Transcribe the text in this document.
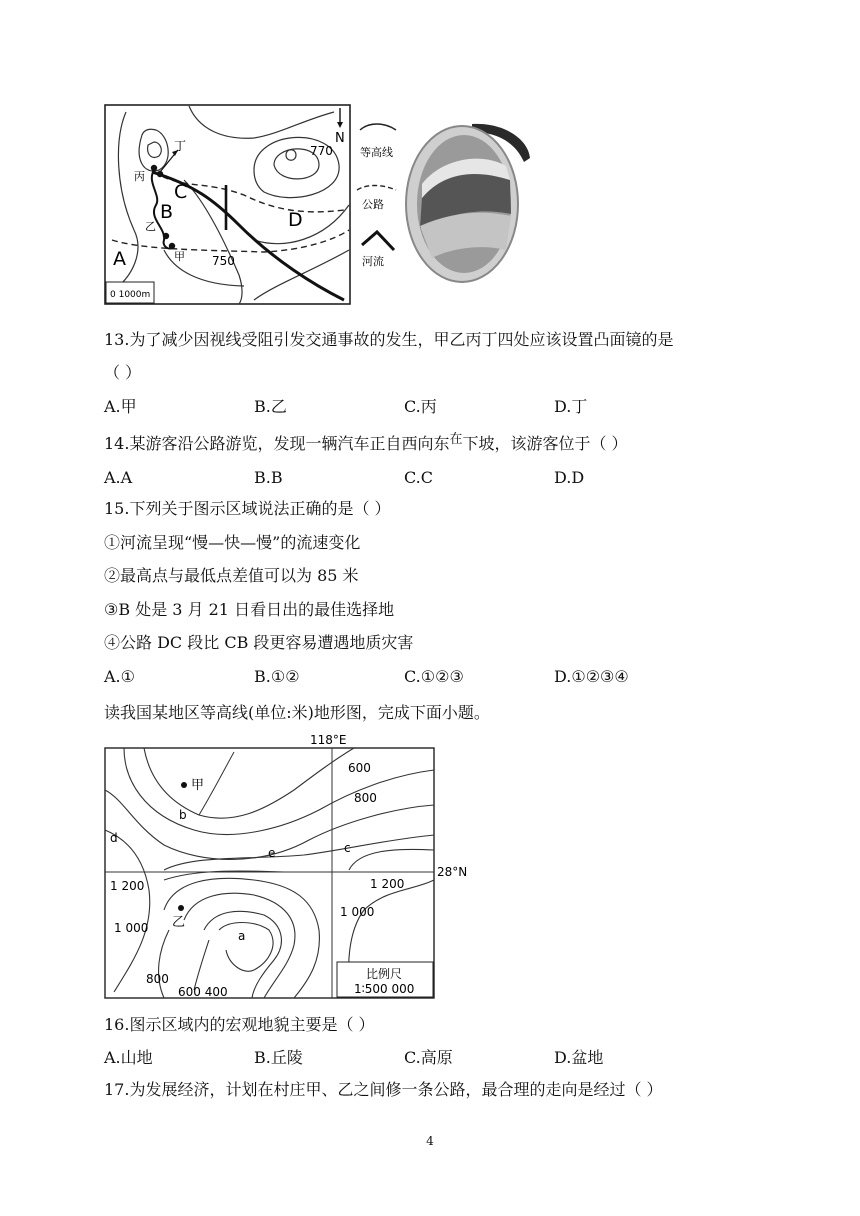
丁
丙
乙
甲
770
750
A
B
C
D
N
0 1000m
等高线
公路
河流
13.为了减少因视线受阻引发交通事故的发生，甲乙丙丁四处应该设置凸面镜的是
（ ）
A.甲	B.乙	C.丙	D.丁
14.某游客沿公路游览，发现一辆汽车正自西向东$^在$下坡，该游客位于（ ）
A.A	B.B	C.C	D.D
15.下列关于图示区域说法正确的是（ ）
①河流呈现“慢—快—慢”的流速变化
②最高点与最低点差值可以为 85 米
③B 处是 3 月 21 日看日出的最佳选择地
④公路 DC 段比 CB 段更容易遭遇地质灾害
A.①	B.①②	C.①②③	D.①②③④
读我国某地区等高线(单位:米)地形图，完成下面小题。
118°E
28°N
甲
乙
600
800
1 200	1 200
1 000
1 000
800
600 400
a
b
c
d
e
比例尺
1∶500 000
16.图示区域内的宏观地貌主要是（ ）
A.山地	B.丘陵	C.高原	D.盆地
17.为发展经济，计划在村庄甲、乙之间修一条公路，最合理的走向是经过（ ）
4
